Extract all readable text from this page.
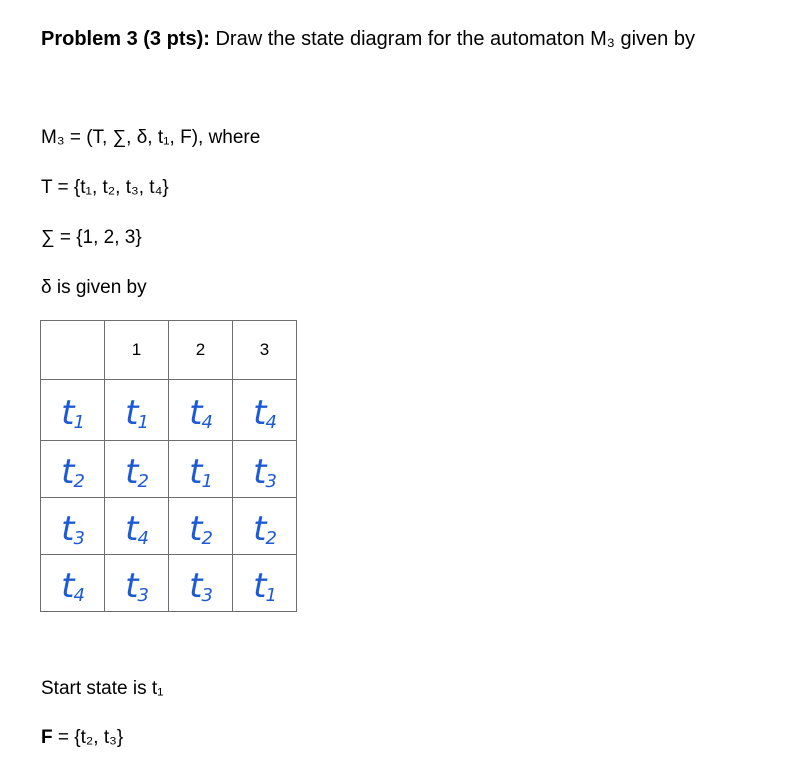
Problem 3 (3 pts): Draw the state diagram for the automaton M₃ given by
M₃ = (T, ∑, δ, t₁, F), where
T = {t₁, t₂, t₃, t₄}
∑ = {1, 2, 3}
δ is given by
	1	2	3
$t_1$	$t_1$	$t_4$	$t_4$
$t_2$	$t_2$	$t_1$	$t_3$
$t_3$	$t_4$	$t_2$	$t_2$
$t_4$	$t_3$	$t_3$	$t_1$
Start state is t₁
F = {t₂, t₃}
